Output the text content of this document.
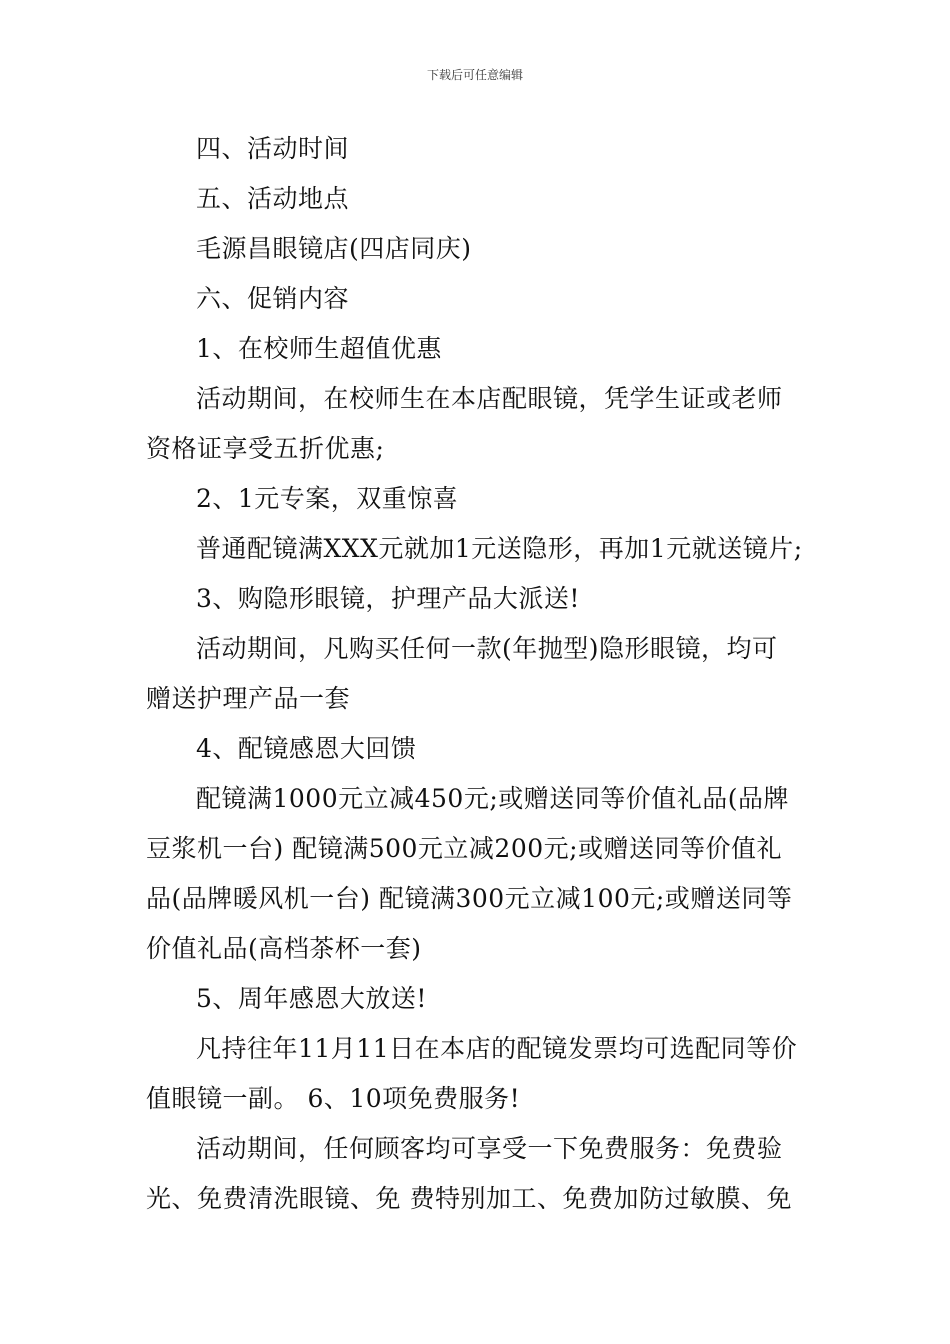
下载后可任意编辑
四、活动时间
五、活动地点
毛源昌眼镜店(四店同庆)
六、促销内容
1、在校师生超值优惠
活动期间，在校师生在本店配眼镜，凭学生证或老师
资格证享受五折优惠;
2、1元专案，双重惊喜
普通配镜满XXX元就加1元送隐形，再加1元就送镜片;
3、购隐形眼镜，护理产品大派送!
活动期间，凡购买任何一款(年抛型)隐形眼镜，均可
赠送护理产品一套
4、配镜感恩大回馈
配镜满1000元立减450元;或赠送同等价值礼品(品牌
豆浆机一台) 配镜满500元立减200元;或赠送同等价值礼
品(品牌暖风机一台) 配镜满300元立减100元;或赠送同等
价值礼品(高档茶杯一套)
5、周年感恩大放送!
凡持往年11月11日在本店的配镜发票均可选配同等价
值眼镜一副。 6、10项免费服务!
活动期间，任何顾客均可享受一下免费服务：免费验
光、免费清洗眼镜、免 费特别加工、免费加防过敏膜、免
